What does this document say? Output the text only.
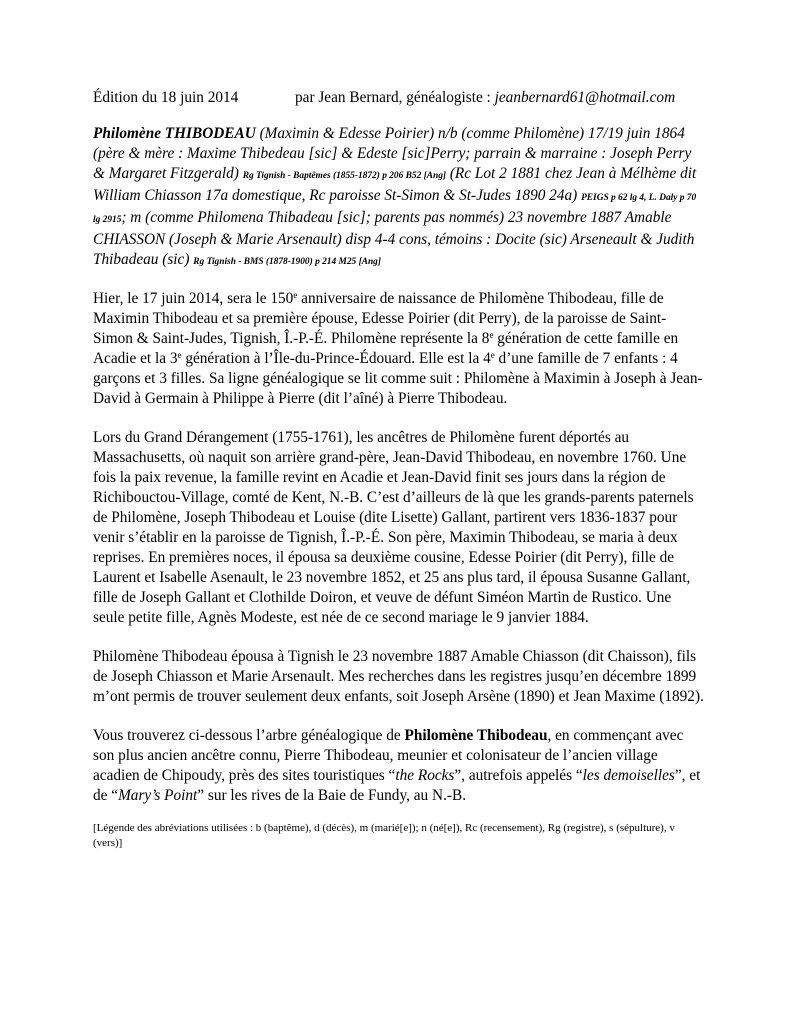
Édition du 18 juin 2014	par Jean Bernard, généalogiste : jeanbernard61@hotmail.com

Philomène THIBODEAU (Maximin & Edesse Poirier) n/b (comme Philomène) 17/19 juin 1864 (père & mère : Maxime Thibedeau [sic] & Edeste [sic]Perry; parrain & marraine : Joseph Perry & Margaret Fitzgerald) Rg Tignish - Baptêmes (1855-1872) p 206 B52 [Ang] (Rc Lot 2 1881 chez Jean à Mélhème dit William Chiasson 17a domestique, Rc paroisse St-Simon & St-Judes 1890 24a) PEIGS p 62 lg 4, L. Daly p 70 lg 2915; m (comme Philomena Thibadeau [sic]; parents pas nommés) 23 novembre 1887 Amable CHIASSON (Joseph & Marie Arsenault) disp 4-4 cons, témoins : Docite (sic) Arseneault & Judith Thibadeau (sic) Rg Tignish - BMS (1878-1900) p 214 M25 [Ang]

Hier, le 17 juin 2014, sera le 150e anniversaire de naissance de Philomène Thibodeau, fille de Maximin Thibodeau et sa première épouse, Edesse Poirier (dit Perry), de la paroisse de Saint-Simon & Saint-Judes, Tignish, Î.-P.-É. Philomène représente la 8e génération de cette famille en Acadie et la 3e génération à l’Île-du-Prince-Édouard. Elle est la 4e d’une famille de 7 enfants : 4 garçons et 3 filles. Sa ligne généalogique se lit comme suit : Philomène à Maximin à Joseph à Jean-David à Germain à Philippe à Pierre (dit l’aîné) à Pierre Thibodeau.

Lors du Grand Dérangement (1755-1761), les ancêtres de Philomène furent déportés au Massachusetts, où naquit son arrière grand-père, Jean-David Thibodeau, en novembre 1760. Une fois la paix revenue, la famille revint en Acadie et Jean-David finit ses jours dans la région de Richibouctou-Village, comté de Kent, N.-B. C’est d’ailleurs de là que les grands-parents paternels de Philomène, Joseph Thibodeau et Louise (dite Lisette) Gallant, partirent vers 1836-1837 pour venir s’établir en la paroisse de Tignish, Î.-P.-É. Son père, Maximin Thibodeau, se maria à deux reprises. En premières noces, il épousa sa deuxième cousine, Edesse Poirier (dit Perry), fille de Laurent et Isabelle Asenault, le 23 novembre 1852, et 25 ans plus tard, il épousa Susanne Gallant, fille de Joseph Gallant et Clothilde Doiron, et veuve de défunt Siméon Martin de Rustico. Une seule petite fille, Agnès Modeste, est née de ce second mariage le 9 janvier 1884.

Philomène Thibodeau épousa à Tignish le 23 novembre 1887 Amable Chiasson (dit Chaisson), fils de Joseph Chiasson et Marie Arsenault. Mes recherches dans les registres jusqu’en décembre 1899 m’ont permis de trouver seulement deux enfants, soit Joseph Arsène (1890) et Jean Maxime (1892).

Vous trouverez ci-dessous l’arbre généalogique de Philomène Thibodeau, en commençant avec son plus ancien ancêtre connu, Pierre Thibodeau, meunier et colonisateur de l’ancien village acadien de Chipoudy, près des sites touristiques “the Rocks”, autrefois appelés “les demoiselles”, et de “Mary’s Point” sur les rives de la Baie de Fundy, au N.-B.

[Légende des abréviations utilisées : b (baptême), d (décès), m (marié[e]); n (né[e]), Rc (recensement), Rg (registre), s (sépulture), v (vers)]
